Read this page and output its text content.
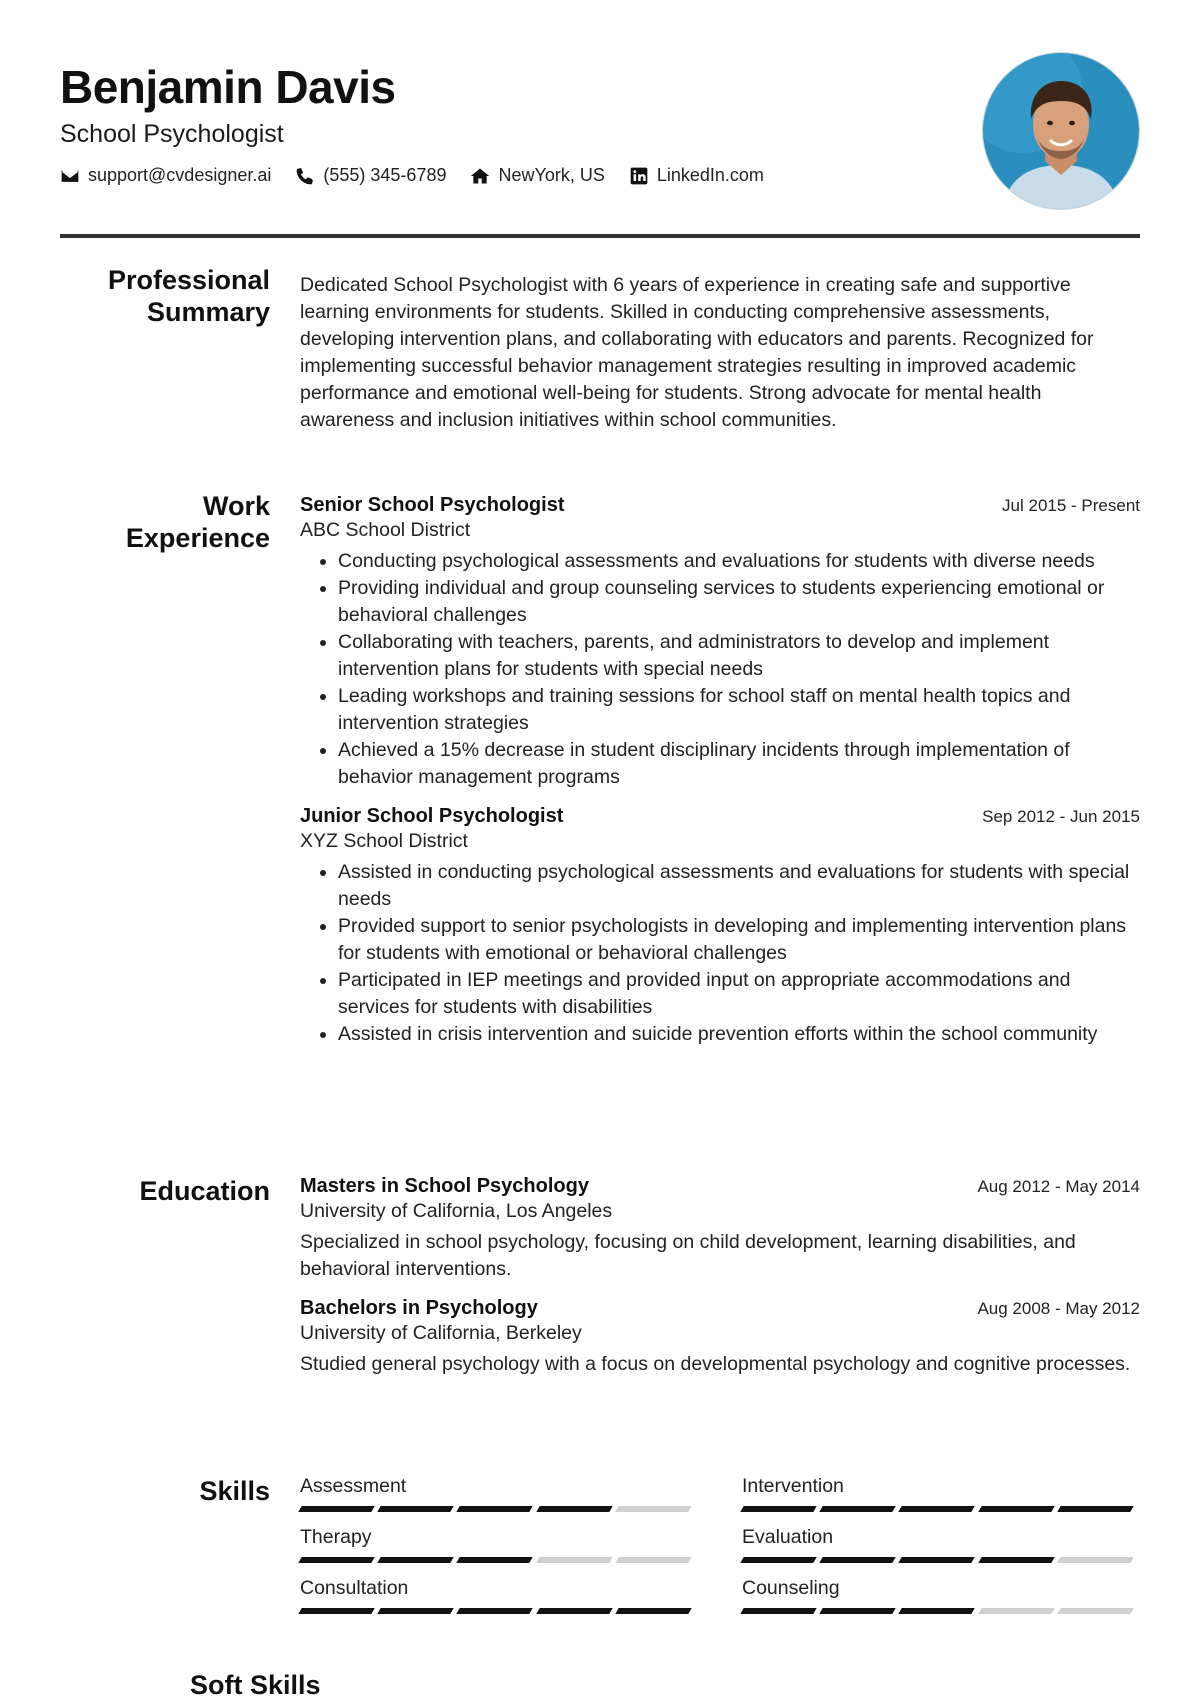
Benjamin Davis
School Psychologist
support@cvdesigner.ai	(555) 345-6789	NewYork, US	LinkedIn.com
Professional
Summary

Dedicated School Psychologist with 6 years of experience in creating safe and supportive learning environments for students. Skilled in conducting comprehensive assessments, developing intervention plans, and collaborating with educators and parents. Recognized for implementing successful behavior management strategies resulting in improved academic performance and emotional well-being for students. Strong advocate for mental health awareness and inclusion initiatives within school communities.

Work
Experience
Senior School Psychologist	Jul 2015 - Present
ABC School District
• Conducting psychological assessments and evaluations for students with diverse needs
• Providing individual and group counseling services to students experiencing emotional or behavioral challenges
• Collaborating with teachers, parents, and administrators to develop and implement intervention plans for students with special needs
• Leading workshops and training sessions for school staff on mental health topics and intervention strategies
• Achieved a 15% decrease in student disciplinary incidents through implementation of behavior management programs
Junior School Psychologist	Sep 2012 - Jun 2015
XYZ School District
• Assisted in conducting psychological assessments and evaluations for students with special needs
• Provided support to senior psychologists in developing and implementing intervention plans for students with emotional or behavioral challenges
• Participated in IEP meetings and provided input on appropriate accommodations and services for students with disabilities
• Assisted in crisis intervention and suicide prevention efforts within the school community
Education Masters in School Psychology	Aug 2012 - May 2014
University of California, Los Angeles

Specialized in school psychology, focusing on child development, learning disabilities, and behavioral interventions.

Bachelors in Psychology	Aug 2008 - May 2012
University of California, Berkeley

Studied general psychology with a focus on developmental psychology and cognitive processes.

Skills Assessment	Intervention
Therapy	Evaluation
Consultation	Counseling
Soft Skills
